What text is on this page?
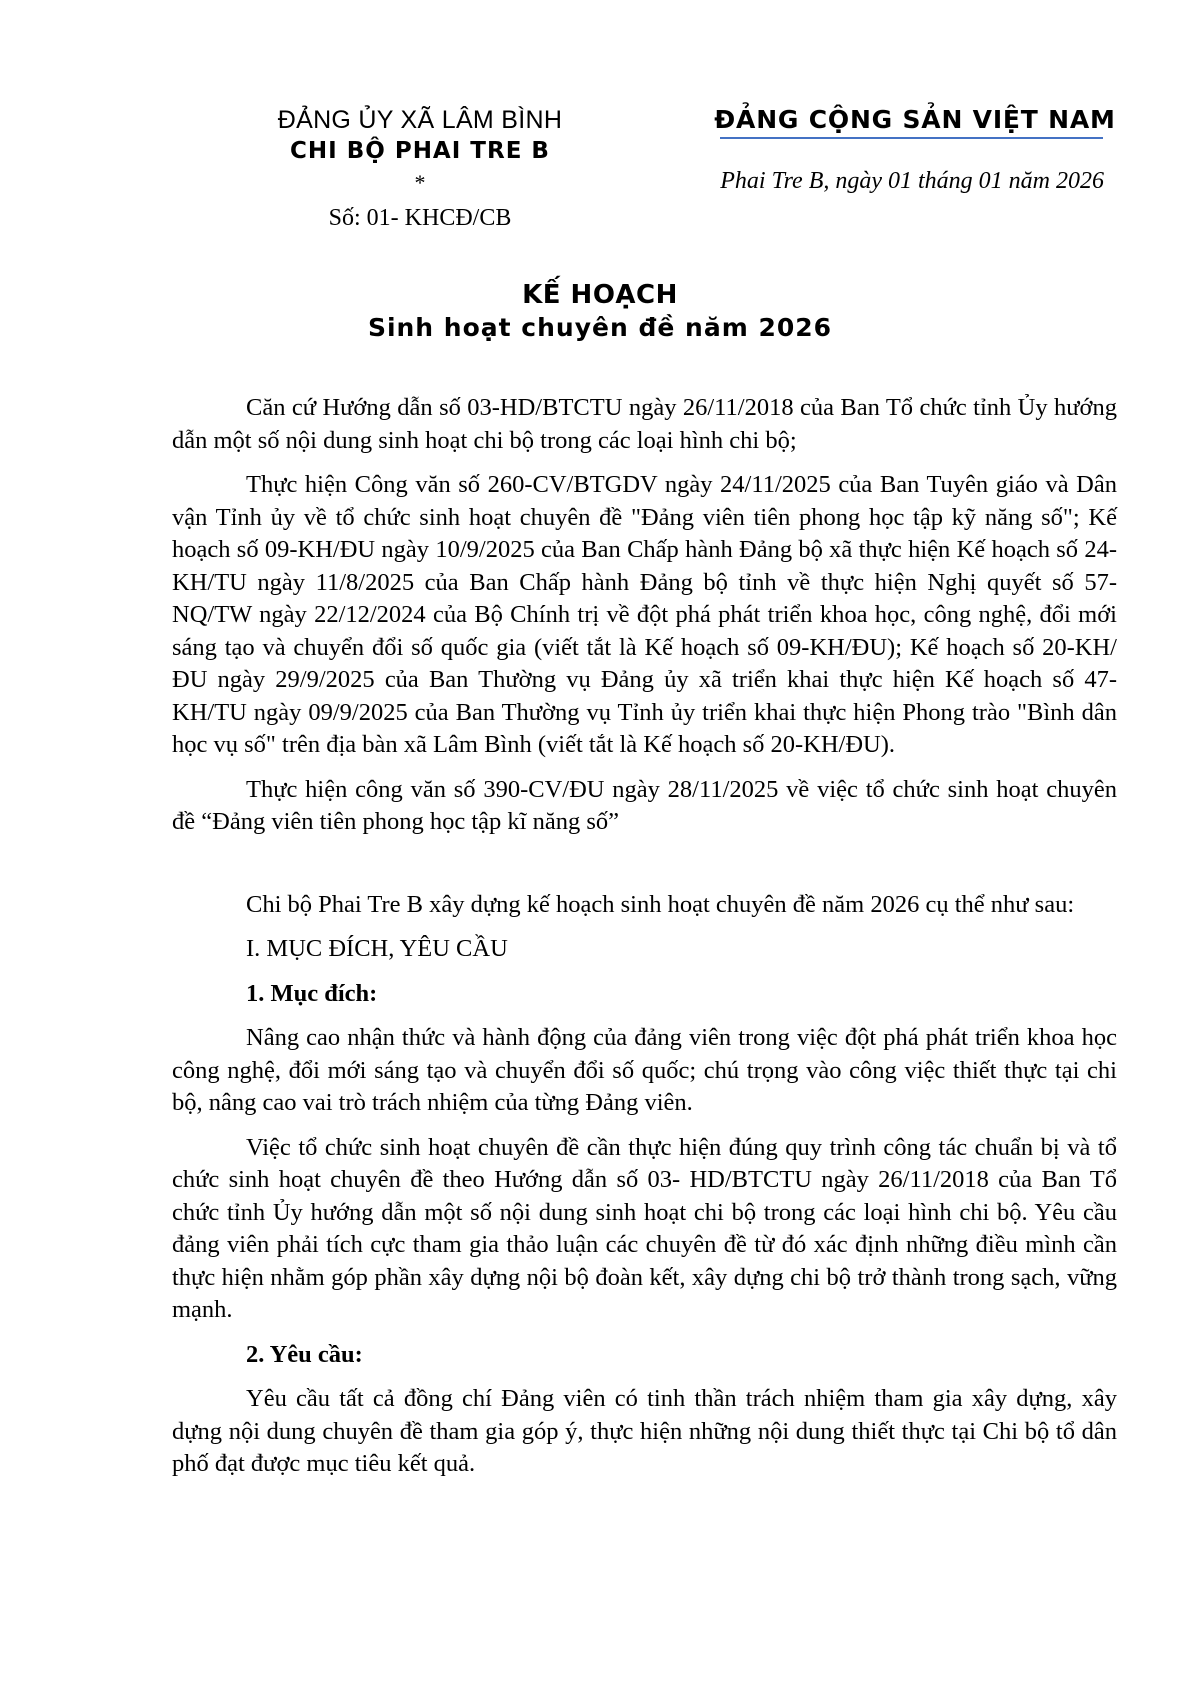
ĐẢNG ỦY XÃ LÂM BÌNH
CHI BỘ PHAI TRE B
*
Số: 01- KHCĐ/CB
ĐẢNG CỘNG SẢN VIỆT NAM
Phai Tre B, ngày 01 tháng 01 năm 2026
KẾ HOẠCH
Sinh hoạt chuyên đề năm 2026

Căn cứ Hướng dẫn số 03-HD/BTCTU ngày 26/11/2018 của Ban Tổ chức tỉnh Ủy hướng dẫn một số nội dung sinh hoạt chi bộ trong các loại hình chi bộ;

Thực hiện Công văn số 260-CV/BTGDV ngày 24/11/2025 của Ban Tuyên giáo và Dân vận Tỉnh ủy về tổ chức sinh hoạt chuyên đề "Đảng viên tiên phong học tập kỹ năng số"; Kế hoạch số 09-KH/ĐU ngày 10/9/2025 của Ban Chấp hành Đảng bộ xã thực hiện Kế hoạch số 24-KH/TU ngày 11/8/2025 của Ban Chấp hành Đảng bộ tỉnh về thực hiện Nghị quyết số 57-NQ/TW ngày 22/12/2024 của Bộ Chính trị về đột phá phát triển khoa học, công nghệ, đổi mới sáng tạo và chuyển đổi số quốc gia (viết tắt là Kế hoạch số 09-KH/ĐU); Kế hoạch số 20-KH/ĐU ngày 29/9/2025 của Ban Thường vụ Đảng ủy xã triển khai thực hiện Kế hoạch số 47-KH/TU ngày 09/9/2025 của Ban Thường vụ Tỉnh ủy triển khai thực hiện Phong trào "Bình dân học vụ số" trên địa bàn xã Lâm Bình (viết tắt là Kế hoạch số 20-KH/ĐU).

Thực hiện công văn số 390-CV/ĐU ngày 28/11/2025 về việc tổ chức sinh hoạt chuyên đề “Đảng viên tiên phong học tập kĩ năng số”

Chi bộ Phai Tre B xây dựng kế hoạch sinh hoạt chuyên đề năm 2026 cụ thể như sau:

I. MỤC ĐÍCH, YÊU CẦU

1. Mục đích:

Nâng cao nhận thức và hành động của đảng viên trong việc đột phá phát triển khoa học công nghệ, đổi mới sáng tạo và chuyển đổi số quốc; chú trọng vào công việc thiết thực tại chi bộ, nâng cao vai trò trách nhiệm của từng Đảng viên.

Việc tổ chức sinh hoạt chuyên đề cần thực hiện đúng quy trình công tác chuẩn bị và tổ chức sinh hoạt chuyên đề theo Hướng dẫn số 03- HD/BTCTU ngày 26/11/2018 của Ban Tổ chức tỉnh Ủy hướng dẫn một số nội dung sinh hoạt chi bộ trong các loại hình chi bộ. Yêu cầu đảng viên phải tích cực tham gia thảo luận các chuyên đề từ đó xác định những điều mình cần thực hiện nhằm góp phần xây dựng nội bộ đoàn kết, xây dựng chi bộ trở thành trong sạch, vững mạnh.

2. Yêu cầu:

Yêu cầu tất cả đồng chí Đảng viên có tinh thần trách nhiệm tham gia xây dựng, xây dựng nội dung chuyên đề tham gia góp ý, thực hiện những nội dung thiết thực tại Chi bộ tổ dân phố đạt được mục tiêu kết quả.
